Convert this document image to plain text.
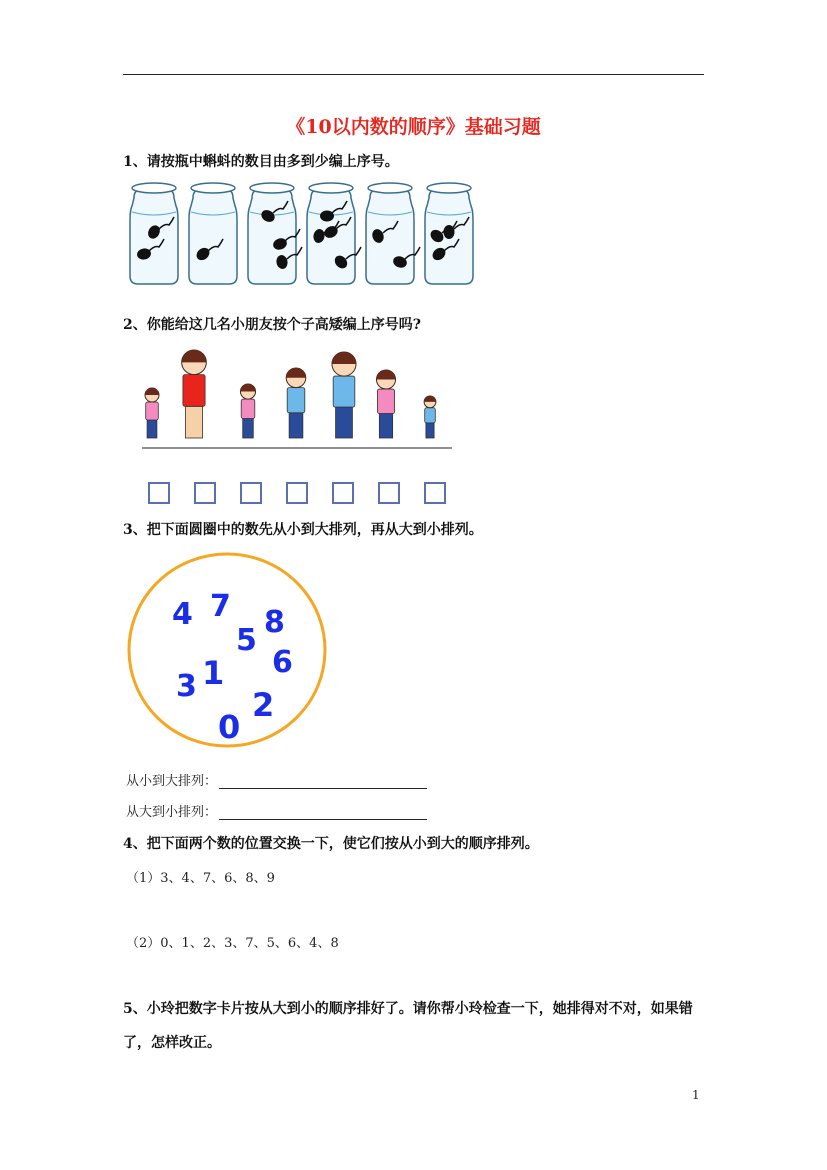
《10以内数的顺序》基础习题
1、请按瓶中蝌蚪的数目由多到少编上序号。
2、你能给这几名小朋友按个子高矮编上序号吗?
3、把下面圆圈中的数先从小到大排列，再从大到小排列。
4 7
5
8
6
3 1
2
0
从小到大排列：
从大到小排列：
4、把下面两个数的位置交换一下，使它们按从小到大的顺序排列。
（1）3、4、7、6、8、9
（2）0、1、2、3、7、5、6、4、8
5、小玲把数字卡片按从大到小的顺序排好了。请你帮小玲检查一下，她排得对不对，如果错了，怎样改正。
1
